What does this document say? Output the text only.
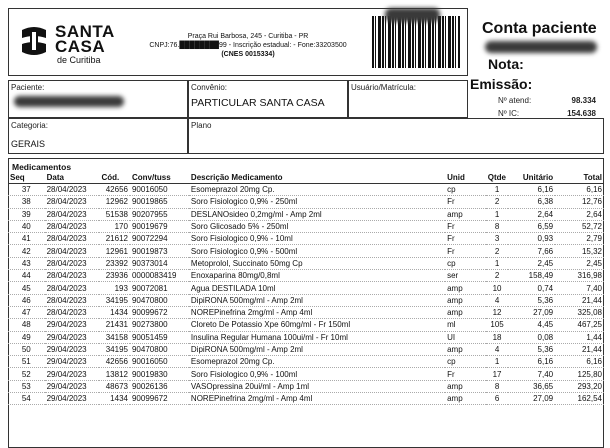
SANTA
CASA
de Curitiba
Praça Rui Barbosa, 245 - Curitiba - PR
CNPJ:76.████████99 - Inscrição estadual: - Fone:33203500
(CNES 0015334)
Conta paciente
Nota:
Emissão:
Nº atend:	98.334
Nº IC:	154.638
Paciente:	Convênio:
PARTICULAR SANTA CASA
Usuário/Matrícula:
Categoria:
GERAIS
Plano
Medicamentos
Seq	Data	Cód.	Conv/tuss	Descrição Medicamento	Unid	Qtde	Unitário	Total
37	28/04/2023	42656	90016050	Esomeprazol 20mg Cp.	cp	1	6,16	6,16
38	28/04/2023	12962	90019865	Soro Fisiologico 0,9% - 250ml	Fr	2	6,38	12,76
39	28/04/2023	51538	90207955	DESLANOsideo 0,2mg/ml - Amp 2ml	amp	1	2,64	2,64
40	28/04/2023	170	90019679	Soro Glicosado 5% - 250ml	Fr	8	6,59	52,72
41	28/04/2023	21612	90072294	Soro Fisiologico 0,9% - 10ml	Fr	3	0,93	2,79
42	28/04/2023	12961	90019873	Soro Fisiologico 0,9% - 500ml	Fr	2	7,66	15,32
43	28/04/2023	23392	90373014	Metoprolol, Succinato 50mg Cp	cp	1	2,45	2,45
44	28/04/2023	23936	0000083419	Enoxaparina 80mg/0,8ml	ser	2	158,49	316,98
45	28/04/2023	193	90072081	Agua DESTILADA 10ml	amp	10	0,74	7,40
46	28/04/2023	34195	90470800	DipiRONA 500mg/ml - Amp 2ml	amp	4	5,36	21,44
47	28/04/2023	1434	90099672	NOREPinefrina 2mg/ml - Amp 4ml	amp	12	27,09	325,08
48	29/04/2023	21431	90273800	Cloreto De Potassio Xpe 60mg/ml - Fr 150ml	ml	105	4,45	467,25
49	29/04/2023	34158	90051459	Insulina Regular Humana 100ui/ml - Fr 10ml	UI	18	0,08	1,44
50	29/04/2023	34195	90470800	DipiRONA 500mg/ml - Amp 2ml	amp	4	5,36	21,44
51	29/04/2023	42656	90016050	Esomeprazol 20mg Cp.	cp	1	6,16	6,16
52	29/04/2023	13812	90019830	Soro Fisiologico 0,9% - 100ml	Fr	17	7,40	125,80
53	29/04/2023	48673	90026136	VASOpressina 20ui/ml - Amp 1ml	amp	8	36,65	293,20
54	29/04/2023	1434	90099672	NOREPinefrina 2mg/ml - Amp 4ml	amp	6	27,09	162,54
